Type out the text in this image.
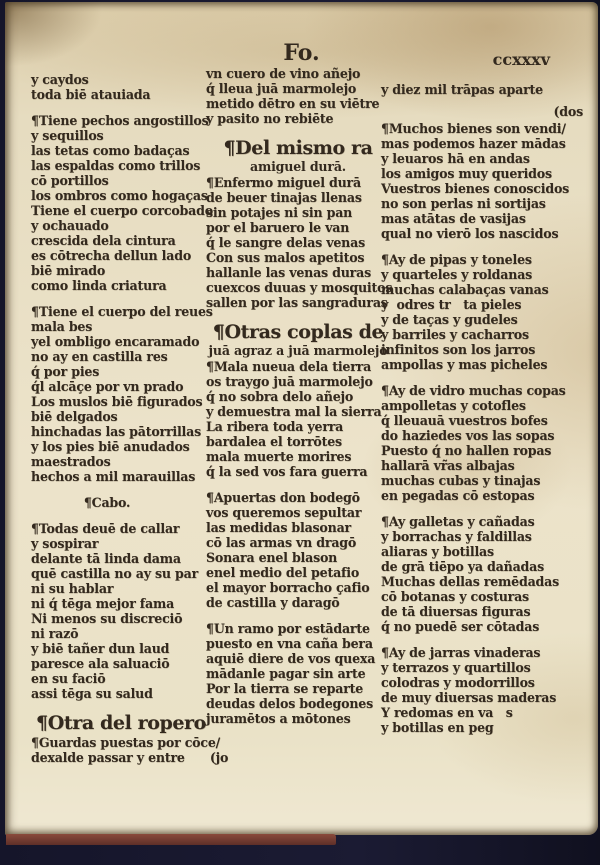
Fo.	ccxxxv
y caydos
toda biē atauiada
¶Tiene pechos angostillos
y sequillos
las tetas como badaças
las espaldas como trillos
cō portillos
los ombros como hogaças
Tiene el cuerpo corcobado
y ochauado
crescida dela cintura
es cōtrecha dellun lado
biē mirado
como linda criatura
¶Tiene el cuerpo del reues
mala bes
yel ombligo encaramado
no ay en castilla res
q́ por pies
q́l alcāçe por vn prado
Los muslos biē figurados
biē delgados
hinchadas las pātorrillas
y los pies biē anudados
maestrados
hechos a mil marauillas
¶Cabo.
¶Todas deuē de callar
y sospirar
delante tā linda dama
quē castilla no ay su par
ni su hablar
ni q́ tēga mejor fama
Ni menos su discreciō
ni razō
y biē tañer dun laud
paresce ala saluaciō
en su faciō
assi tēga su salud
¶Otra del ropero
¶Guardas puestas por cōce/
dexalde passar y entre      (jo
vn cuero de vino añejo
q́ lleua juā marmolejo
metido dētro en su viētre
y pasito no rebiēte
¶Del mismo ra
amiguel durā.
¶Enfermo miguel durā
de beuer tinajas llenas
sin potajes ni sin pan
por el baruero le van
q́ le sangre delas venas
Con sus malos apetitos
hallanle las venas duras
cuexcos duuas y mosquitos
sallen por las sangraduras
¶Otras coplas de
juā agraz a juā marmolejo
¶Mala nueua dela tierra
os traygo juā marmolejo
q́ no sobra delo añejo
y demuestra mal la sierra
La ribera toda yerra
bardalea el torrōtes
mala muerte morires
q́ la sed vos fara guerra
¶Apuertas don bodegō
vos queremos sepultar
las medidas blasonar
cō las armas vn dragō
Sonara enel blason
enel medio del petafio
el mayor borracho çafio
de castilla y daragō
¶Un ramo por estādarte
puesto en vna caña bera
aquiē diere de vos quexa
mādanle pagar sin arte
Por la tierra se reparte
deudas delos bodegones
juramētos a mōtones
y diez mil trāpas aparte
(dos
¶Muchos bienes son vendi/
mas podemos hazer mādas
y leuaros hā en andas
los amigos muy queridos
Vuestros bienes conoscidos
no son perlas ni sortijas
mas atātas de vasijas
qual no vierō los nascidos
¶Ay de pipas y toneles
y quarteles y roldanas
muchas calabaças vanas
y  odres tr   ta pieles
y de taças y gudeles
y barriles y cacharros
infinitos son los jarros
ampollas y mas picheles
¶Ay de vidro muchas copas
ampolletas y cotofles
q́ lleuauā vuestros bofes
do haziedes vos las sopas
Puesto q́ no hallen ropas
hallarā vr̃as albajas
muchas cubas y tinajas
en pegadas cō estopas
¶Ay galletas y cañadas
y borrachas y faldillas
aliaras y botillas
de grā tiēpo ya dañadas
Muchas dellas remēdadas
cō botanas y costuras
de tā diuersas figuras
q́ no puedē ser cōtadas
¶Ay de jarras vinaderas
y terrazos y quartillos
colodras y modorrillos
de muy diuersas maderas
Y redomas en va   s
y botillas en peg
